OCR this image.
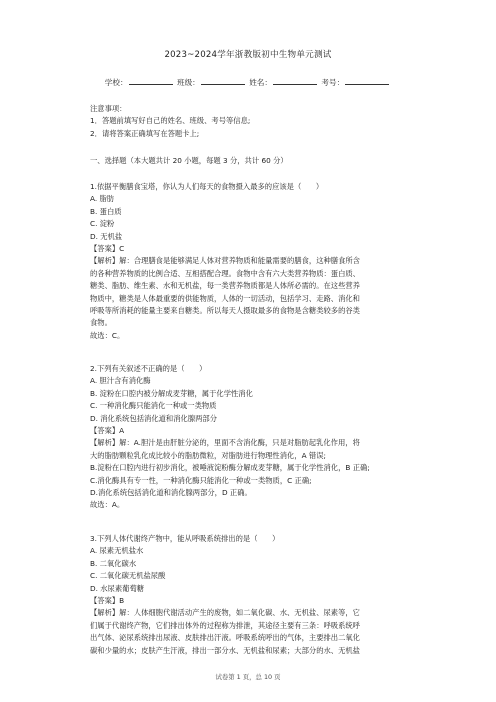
2023~2024学年浙教版初中生物单元测试
学校：	班级：	姓名：	考号：
注意事项：
1．答题前填写好自己的姓名、班级、考号等信息;
2．请将答案正确填写在答题卡上;
一、选择题（本大题共计 20 小题，每题 3 分，共计 60 分）
1.依据平衡膳食宝塔，你认为人们每天的食物摄入最多的应该是（　　）
A. 脂肪
B. 蛋白质
C. 淀粉
D. 无机盐
【答案】C
【解析】解：合理膳食是能够满足人体对营养物质和能量需要的膳食，这种膳食所含
的各种营养物质的比例合适、互相搭配合理。食物中含有六大类营养物质：蛋白质、
糖类、脂肪、维生素、水和无机盐，每一类营养物质都是人体所必需的。在这些营养
物质中，糖类是人体最重要的供能物质，人体的一切活动，包括学习、走路、消化和
呼吸等所消耗的能量主要来自糖类。所以每天人摄取最多的食物是含糖类较多的谷类
食物。
故选：C。
2.下列有关叙述不正确的是（　　）
A. 胆汁含有消化酶
B. 淀粉在口腔内被分解成麦芽糖，属于化学性消化
C. 一种消化酶只能消化一种或一类物质
D. 消化系统包括消化道和消化腺两部分
【答案】A
【解析】解：A.胆汁是由肝脏分泌的，里面不含消化酶，只是对脂肪起乳化作用，将
大的脂肪颗粒乳化成比较小的脂肪微粒，对脂肪进行物理性消化，A 错误;
B.淀粉在口腔内进行初步消化，被唾液淀粉酶分解成麦芽糖，属于化学性消化，B 正确;
C.消化酶具有专一性，一种消化酶只能消化一种或一类物质，C 正确;
D.消化系统包括消化道和消化腺两部分，D 正确。
故选：A。
3.下列人体代谢终产物中，能从呼吸系统排出的是（　　）
A. 尿素无机盐水
B. 二氧化碳水
C. 二氧化碳无机盐尿酸
D. 水尿素葡萄糖
【答案】B
【解析】解：人体细胞代谢活动产生的废物，如二氧化碳、水、无机盐、尿素等，它
们属于代谢终产物，它们排出体外的过程称为排泄，其途径主要有三条：呼吸系统呼
出气体、泌尿系统排出尿液、皮肤排出汗液。呼吸系统呼出的气体，主要排出二氧化
碳和少量的水；皮肤产生汗液，排出一部分水、无机盐和尿素；大部分的水、无机盐
试卷第 1 页，总 10 页
